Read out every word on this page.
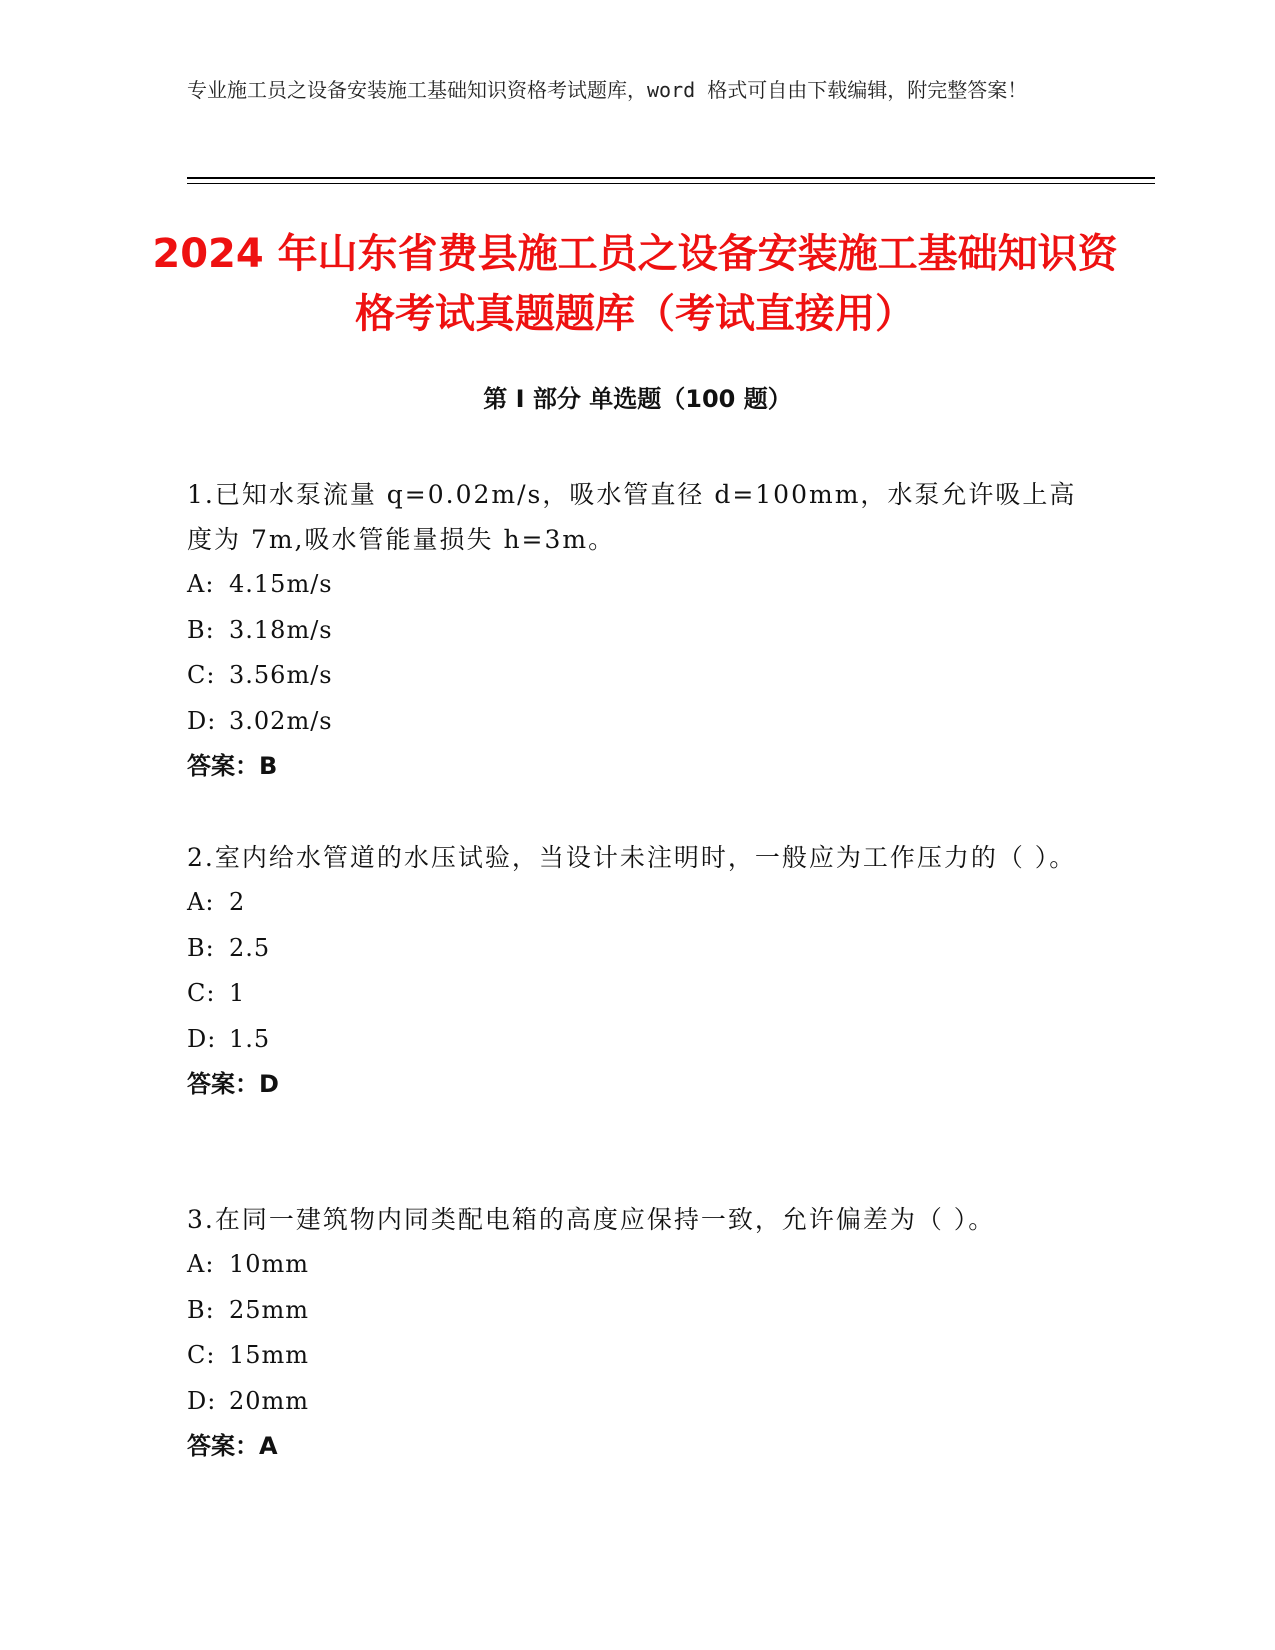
专业施工员之设备安装施工基础知识资格考试题库，word 格式可自由下载编辑，附完整答案！
2024 年山东省费县施工员之设备安装施工基础知识资格考试真题题库（考试直接用）
第 I 部分 单选题（100 题）
1.已知水泵流量 q=0.02m/s，吸水管直径 d=100mm，水泵允许吸上高度为 7m,吸水管能量损失 h=3m。
A: 4.15m/s
B: 3.18m/s
C: 3.56m/s
D: 3.02m/s
答案：B
2.室内给水管道的水压试验，当设计未注明时，一般应为工作压力的（ ）。
A: 2
B: 2.5
C: 1
D: 1.5
答案：D
3.在同一建筑物内同类配电箱的高度应保持一致，允许偏差为（ ）。
A: 10mm
B: 25mm
C: 15mm
D: 20mm
答案：A
